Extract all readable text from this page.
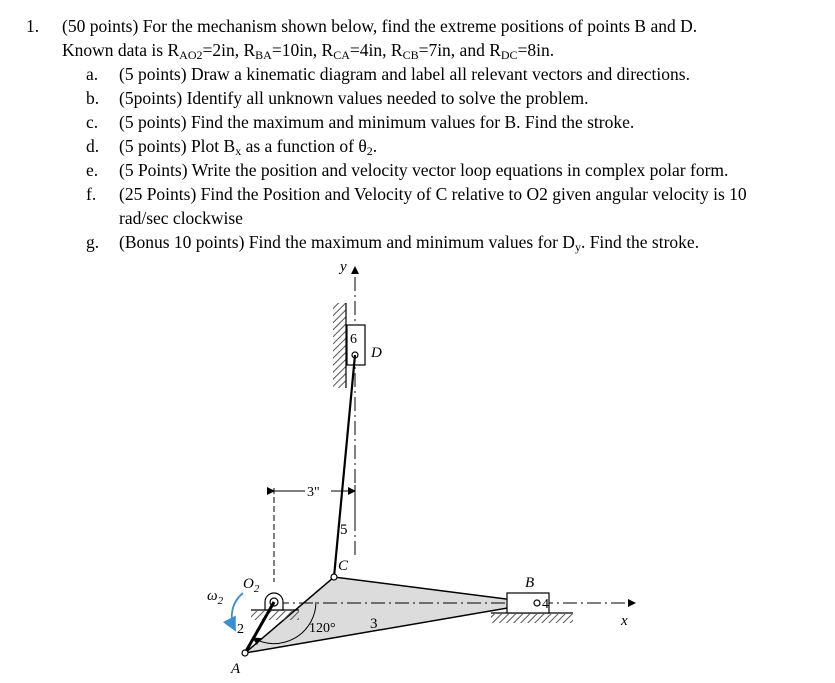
1. (50 points) For the mechanism shown below, find the extreme positions of points B and D.
Known data is $R_{AO2}=2in$, $R_{BA}=10in$, $R_{CA}=4in$, $R_{CB}=7in$, and $R_{DC}=8in$.
a. (5 points) Draw a kinematic diagram and label all relevant vectors and directions.
b. (5points) Identify all unknown values needed to solve the problem.
c. (5 points) Find the maximum and minimum values for B. Find the stroke.
d. (5 points) Plot $B_x$ as a function of $\theta_2$.
e. (5 Points) Write the position and velocity vector loop equations in complex polar form.
f. (25 Points) Find the Position and Velocity of C relative to O2 given angular velocity is 10 rad/sec clockwise
g. (Bonus 10 points) Find the maximum and minimum values for $D_y$. Find the stroke.
y
6
D
5
3"
C
3	x
B
4
$O_2$
2
A
120°
$\omega_2$
